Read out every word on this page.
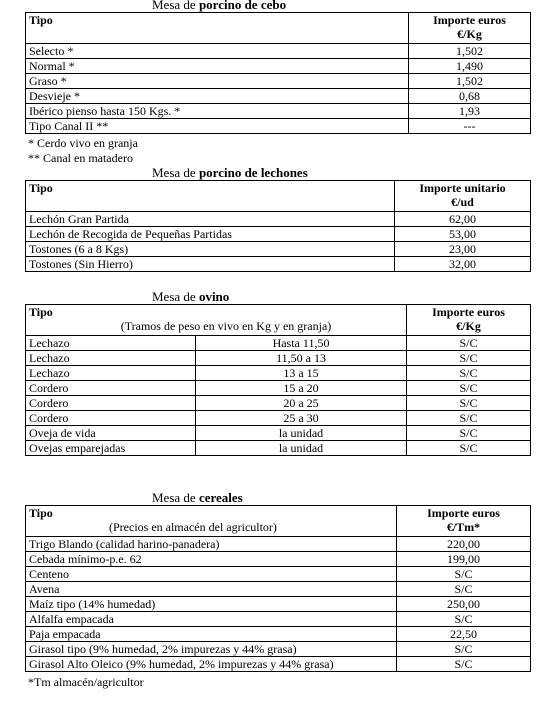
Mesa de porcino de cebo
Tipo	Importe euros
€/Kg

Selecto *	1,502
Normal *	1,490
Graso *	1,502
Desvieje *	0,68
Ibérico pienso hasta 150 Kgs. *	1,93
Tipo Canal II **	---
* Cerdo vivo en granja
** Canal en matadero
Mesa de porcino de lechones
Tipo	Importe unitario
€/ud

Lechón Gran Partida	62,00
Lechón de Recogida de Pequeñas Partidas	53,00
Tostones (6 a 8 Kgs)	23,00
Tostones (Sin Hierro)	32,00
Mesa de ovino
Tipo
(Tramos de peso en vivo en Kg y en granja)		Importe euros
€/Kg

Lechazo	Hasta 11,50	S/C
Lechazo	11,50 a 13	S/C
Lechazo	13 a 15	S/C
Cordero	15 a 20	S/C
Cordero	20 a 25	S/C
Cordero	25 a 30	S/C
Oveja de vida	la unidad	S/C
Ovejas emparejadas	la unidad	S/C
Mesa de cereales
Tipo
(Precios en almacén del agricultor)	Importe euros
€/Tm*

Trigo Blando (calidad harino-panadera)	220,00
Cebada mínimo-p.e. 62	199,00
Centeno	S/C
Avena	S/C
Maíz tipo (14% humedad)	250,00
Alfalfa empacada	S/C
Paja empacada	22,50
Girasol tipo (9% humedad, 2% impurezas y 44% grasa)	S/C
Girasol Alto Oleico (9% humedad, 2% impurezas y 44% grasa)	S/C
*Tm almacén/agricultor
